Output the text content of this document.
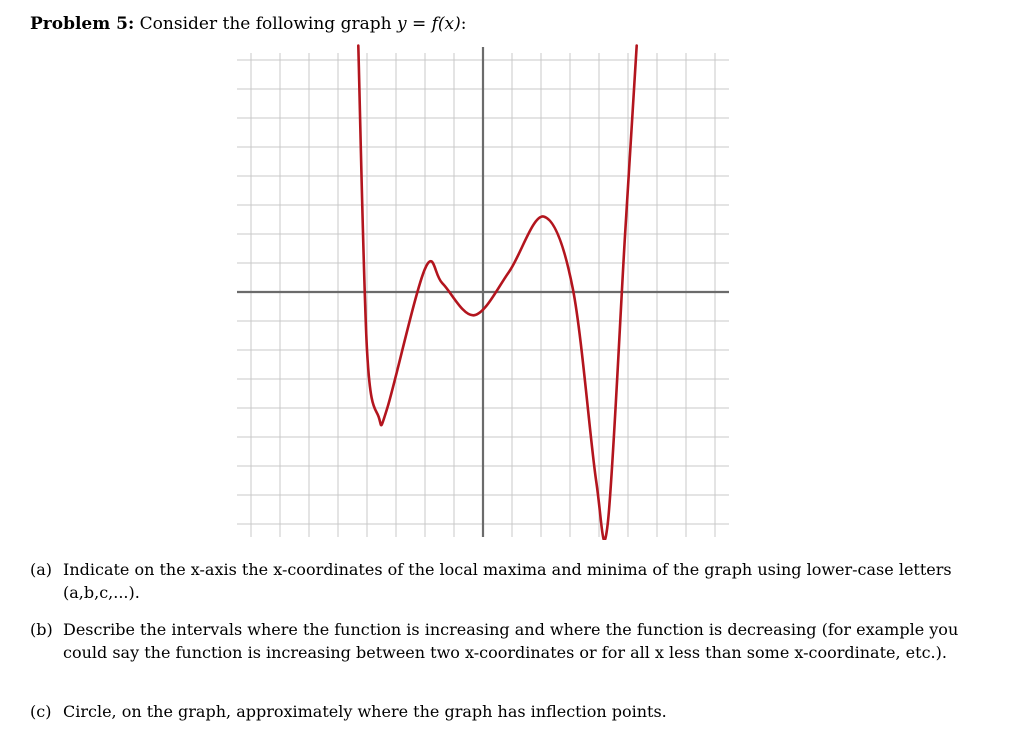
Problem 5: Consider the following graph y = f(x):
(a) Indicate on the x-axis the x-coordinates of the local maxima and minima of the graph using lower-case letters (a,b,c,...).
(b) Describe the intervals where the function is increasing and where the function is decreasing (for example you could say the function is increasing between two x-coordinates or for all x less than some x-coordinate, etc.).
(c) Circle, on the graph, approximately where the graph has inflection points.
